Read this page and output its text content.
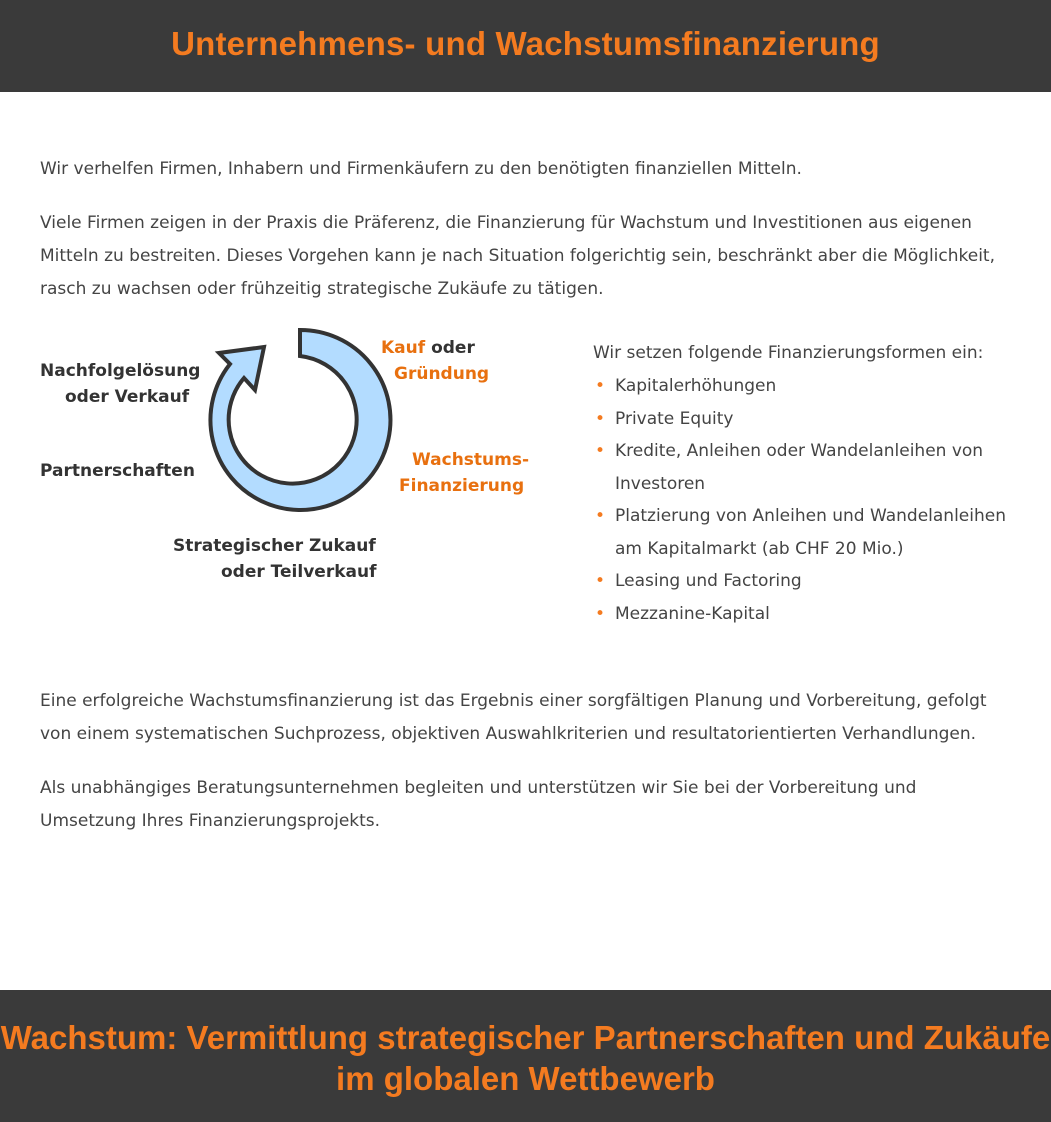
Unternehmens- und Wachstumsfinanzierung

Wir verhelfen Firmen, Inhabern und Firmenkäufern zu den benötigten finanziellen Mitteln.

Viele Firmen zeigen in der Praxis die Präferenz, die Finanzierung für Wachstum und Investitionen aus eigenen Mitteln zu bestreiten. Dieses Vorgehen kann je nach Situation folgerichtig sein, beschränkt aber die Möglichkeit, rasch zu wachsen oder frühzeitig strategische Zukäufe zu tätigen.

Kauf oder
Gründung
Wachstums-
Finanzierung
Strategischer Zukauf
oder Teilverkauf
Partnerschaften
Nachfolgelösung
oder Verkauf

Wir setzen folgende Finanzierungsformen ein:

• Kapitalerhöhungen
• Private Equity
• Kredite, Anleihen oder Wandelanleihen von Investoren
• Platzierung von Anleihen und Wandelanleihen am Kapitalmarkt (ab CHF 20 Mio.)
• Leasing und Factoring
• Mezzanine-Kapital

Eine erfolgreiche Wachstumsfinanzierung ist das Ergebnis einer sorgfältigen Planung und Vorbereitung, gefolgt von einem systematischen Suchprozess, objektiven Auswahlkriterien und resultatorientierten Verhandlungen.

Als unabhängiges Beratungsunternehmen begleiten und unterstützen wir Sie bei der Vorbereitung und Umsetzung Ihres Finanzierungsprojekts.

Wachstum: Vermittlung strategischer Partnerschaften und Zukäufe im globalen Wettbewerb
